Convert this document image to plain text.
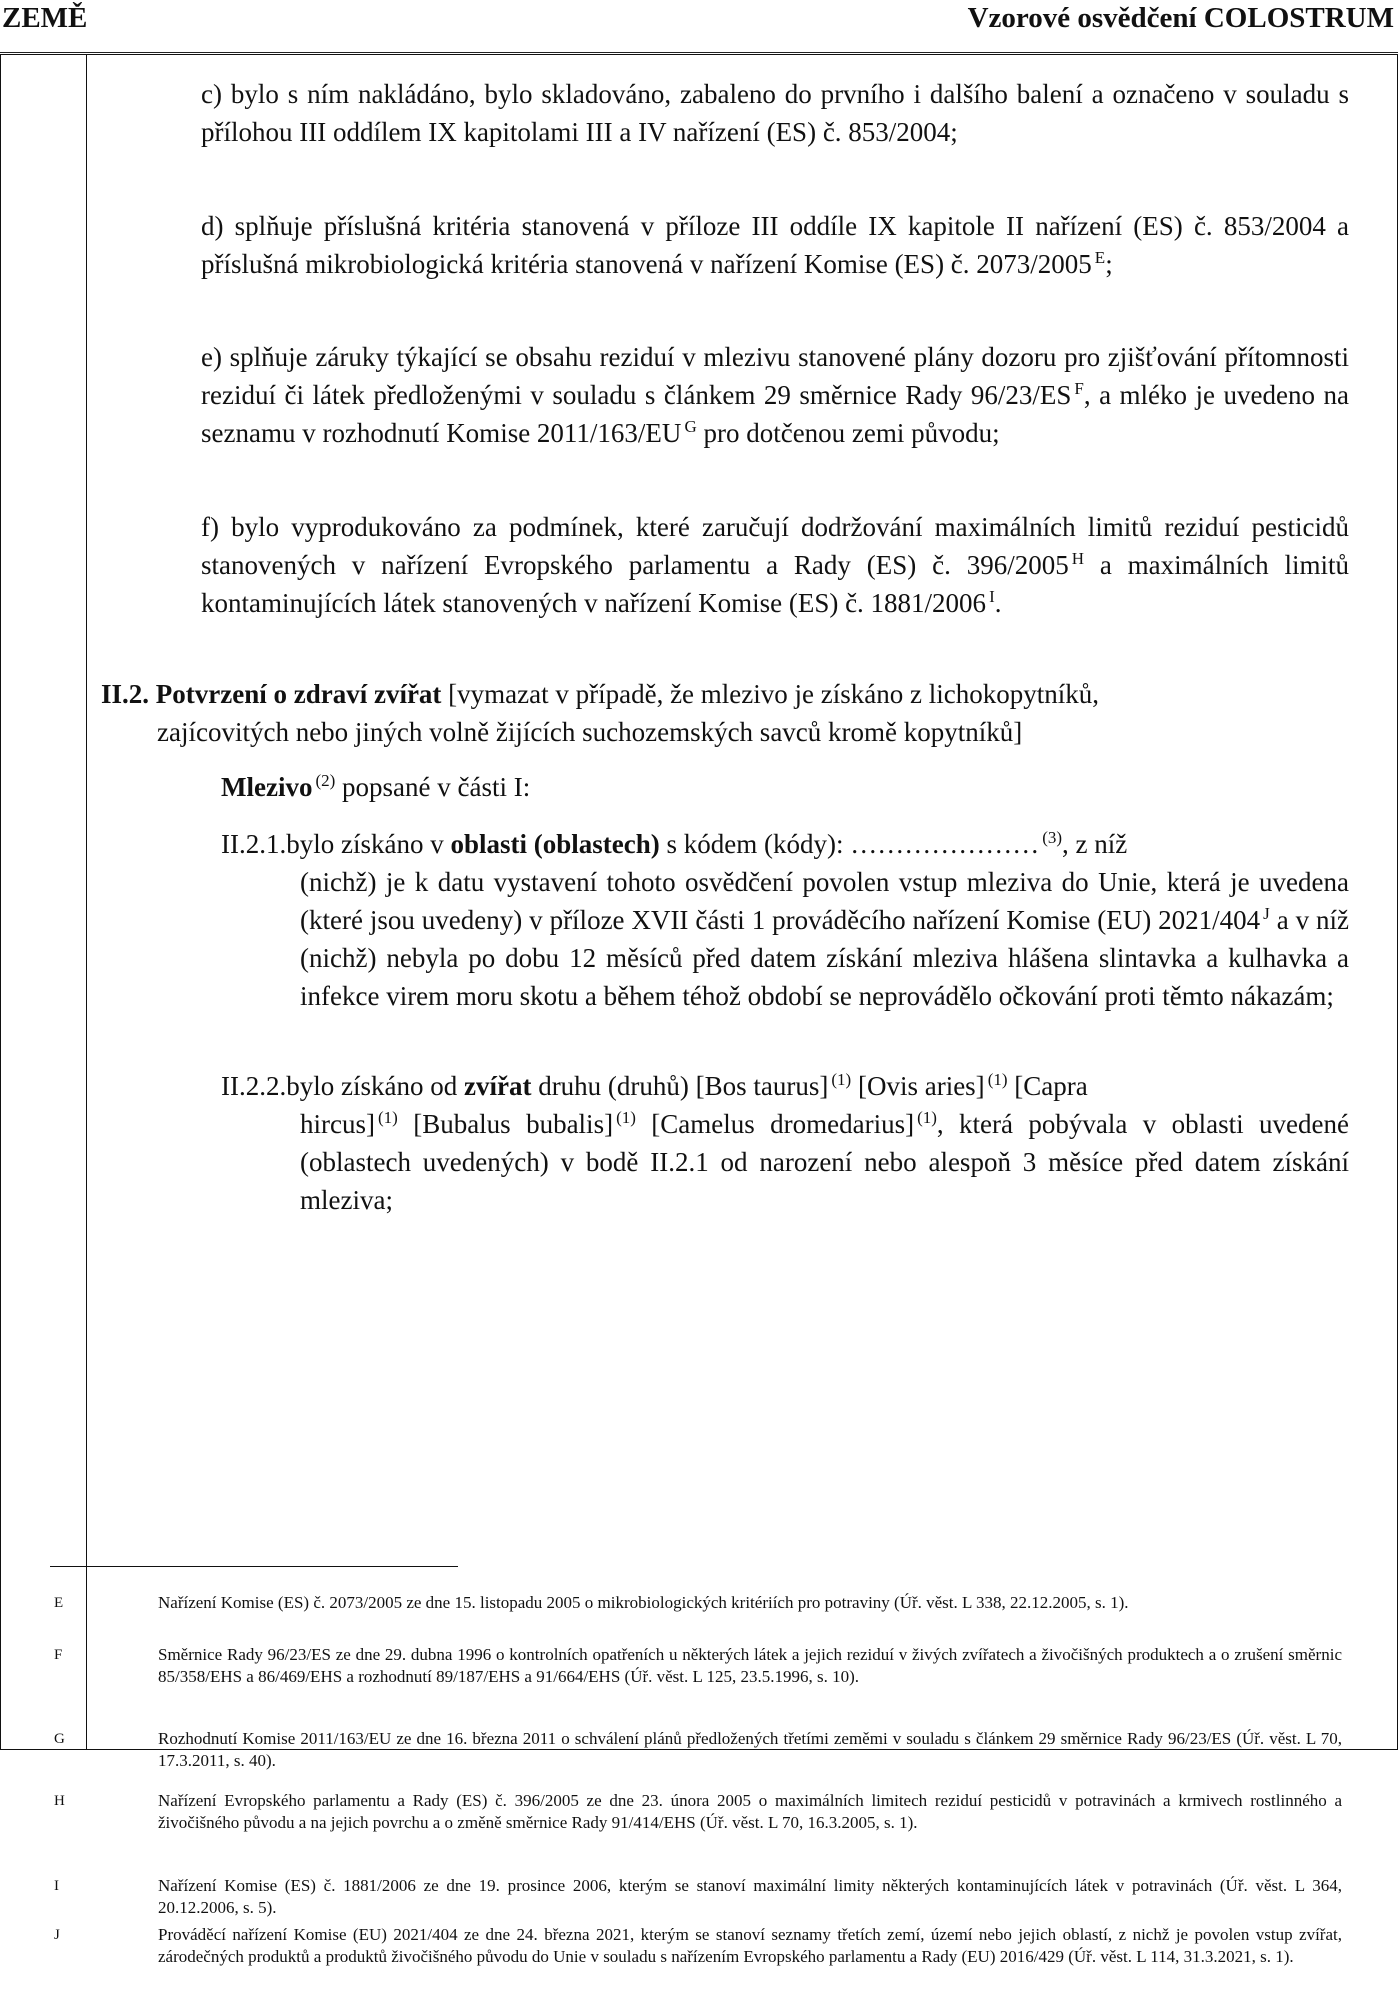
ZEMĚ	Vzorové osvědčení COLOSTRUM
c) bylo s ním nakládáno, bylo skladováno, zabaleno do prvního i dalšího balení a označeno v souladu s přílohou III oddílem IX kapitolami III a IV nařízení (ES) č. 853/2004;
d) splňuje příslušná kritéria stanovená v příloze III oddíle IX kapitole II nařízení (ES) č. 853/2004 a příslušná mikrobiologická kritéria stanovená v nařízení Komise (ES) č. 2073/2005 $^E$;
e) splňuje záruky týkající se obsahu reziduí v mlezivu stanovené plány dozoru pro zjišťování přítomnosti reziduí či látek předloženými v souladu s článkem 29 směrnice Rady 96/23/ES $^F$, a mléko je uvedeno na seznamu v rozhodnutí Komise 2011/163/EU $^G$ pro dotčenou zemi původu;
f) bylo vyprodukováno za podmínek, které zaručují dodržování maximálních limitů reziduí pesticidů stanovených v nařízení Evropského parlamentu a Rady (ES) č. 396/2005 $^H$ a maximálních limitů kontaminujících látek stanovených v nařízení Komise (ES) č. 1881/2006 $^I$.
II.2. Potvrzení o zdraví zvířat [vymazat v případě, že mlezivo je získáno z lichokopytníků,
zajícovitých nebo jiných volně žijících suchozemských savců kromě kopytníků]
Mlezivo $^{(2)}$ popsané v části I:
II.2.1.bylo získáno v oblasti (oblastech) s kódem (kódy): ………………… $^{(3)}$, z níž
(nichž) je k datu vystavení tohoto osvědčení povolen vstup mleziva do Unie, která je uvedena (které jsou uvedeny) v příloze XVII části 1 prováděcího nařízení Komise (EU) 2021/404 $^J$ a v níž (nichž) nebyla po dobu 12 měsíců před datem získání mleziva hlášena slintavka a kulhavka a infekce virem moru skotu a během téhož období se neprovádělo očkování proti těmto nákazám;
II.2.2.bylo získáno od zvířat druhu (druhů) [Bos taurus] $^{(1)}$ [Ovis aries] $^{(1)}$ [Capra
hircus] $^{(1)}$ [Bubalus bubalis] $^{(1)}$ [Camelus dromedarius] $^{(1)}$, která pobývala v oblasti uvedené (oblastech uvedených) v bodě II.2.1 od narození nebo alespoň 3 měsíce před datem získání mleziva;
E	Nařízení Komise (ES) č. 2073/2005 ze dne 15. listopadu 2005 o mikrobiologických kritériích pro potraviny (Úř. věst. L 338, 22.12.2005, s. 1).
F	Směrnice Rady 96/23/ES ze dne 29. dubna 1996 o kontrolních opatřeních u některých látek a jejich reziduí v živých zvířatech a živočišných produktech a o zrušení směrnic 85/358/EHS a 86/469/EHS a rozhodnutí 89/187/EHS a 91/664/EHS (Úř. věst. L 125, 23.5.1996, s. 10).
G	Rozhodnutí Komise 2011/163/EU ze dne 16. března 2011 o schválení plánů předložených třetími zeměmi v souladu s článkem 29 směrnice Rady 96/23/ES (Úř. věst. L 70, 17.3.2011, s. 40).
H	Nařízení Evropského parlamentu a Rady (ES) č. 396/2005 ze dne 23. února 2005 o maximálních limitech reziduí pesticidů v potravinách a krmivech rostlinného a živočišného původu a na jejich povrchu a o změně směrnice Rady 91/414/EHS (Úř. věst. L 70, 16.3.2005, s. 1).
I	Nařízení Komise (ES) č. 1881/2006 ze dne 19. prosince 2006, kterým se stanoví maximální limity některých kontaminujících látek v potravinách (Úř. věst. L 364, 20.12.2006, s. 5).
J	Prováděcí nařízení Komise (EU) 2021/404 ze dne 24. března 2021, kterým se stanoví seznamy třetích zemí, území nebo jejich oblastí, z nichž je povolen vstup zvířat, zárodečných produktů a produktů živočišného původu do Unie v souladu s nařízením Evropského parlamentu a Rady (EU) 2016/429 (Úř. věst. L 114, 31.3.2021, s. 1).
